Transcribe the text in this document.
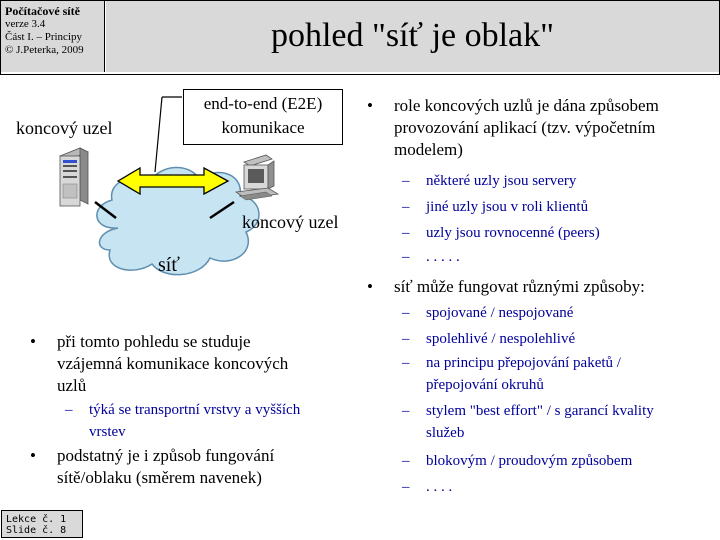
Počítačové sítě
verze 3.4
Část I. – Principy
© J.Peterka, 2009	pohled "síť je oblak"
koncový uzel
koncový uzel
síť
end-to-end (E2E)
komunikace
• při tomto pohledu se studuje
vzájemná komunikace koncových
uzlů
– týká se transportní vrstvy a vyšších
vrstev
• podstatný je i způsob fungování
sítě/oblaku (směrem navenek)
• role koncových uzlů je dána způsobem
provozování aplikací (tzv. výpočetním
modelem)
– některé uzly jsou servery
– jiné uzly jsou v roli klientů
– uzly jsou rovnocenné (peers)
– . . . . .
• síť může fungovat různými způsoby:
– spojované / nespojované
– spolehlivé / nespolehlivé
– na principu přepojování paketů /
přepojování okruhů
– stylem "best effort" / s garancí kvality
služeb
– blokovým / proudovým způsobem
– . . . .
Lekce č. 1
Slide č. 8
